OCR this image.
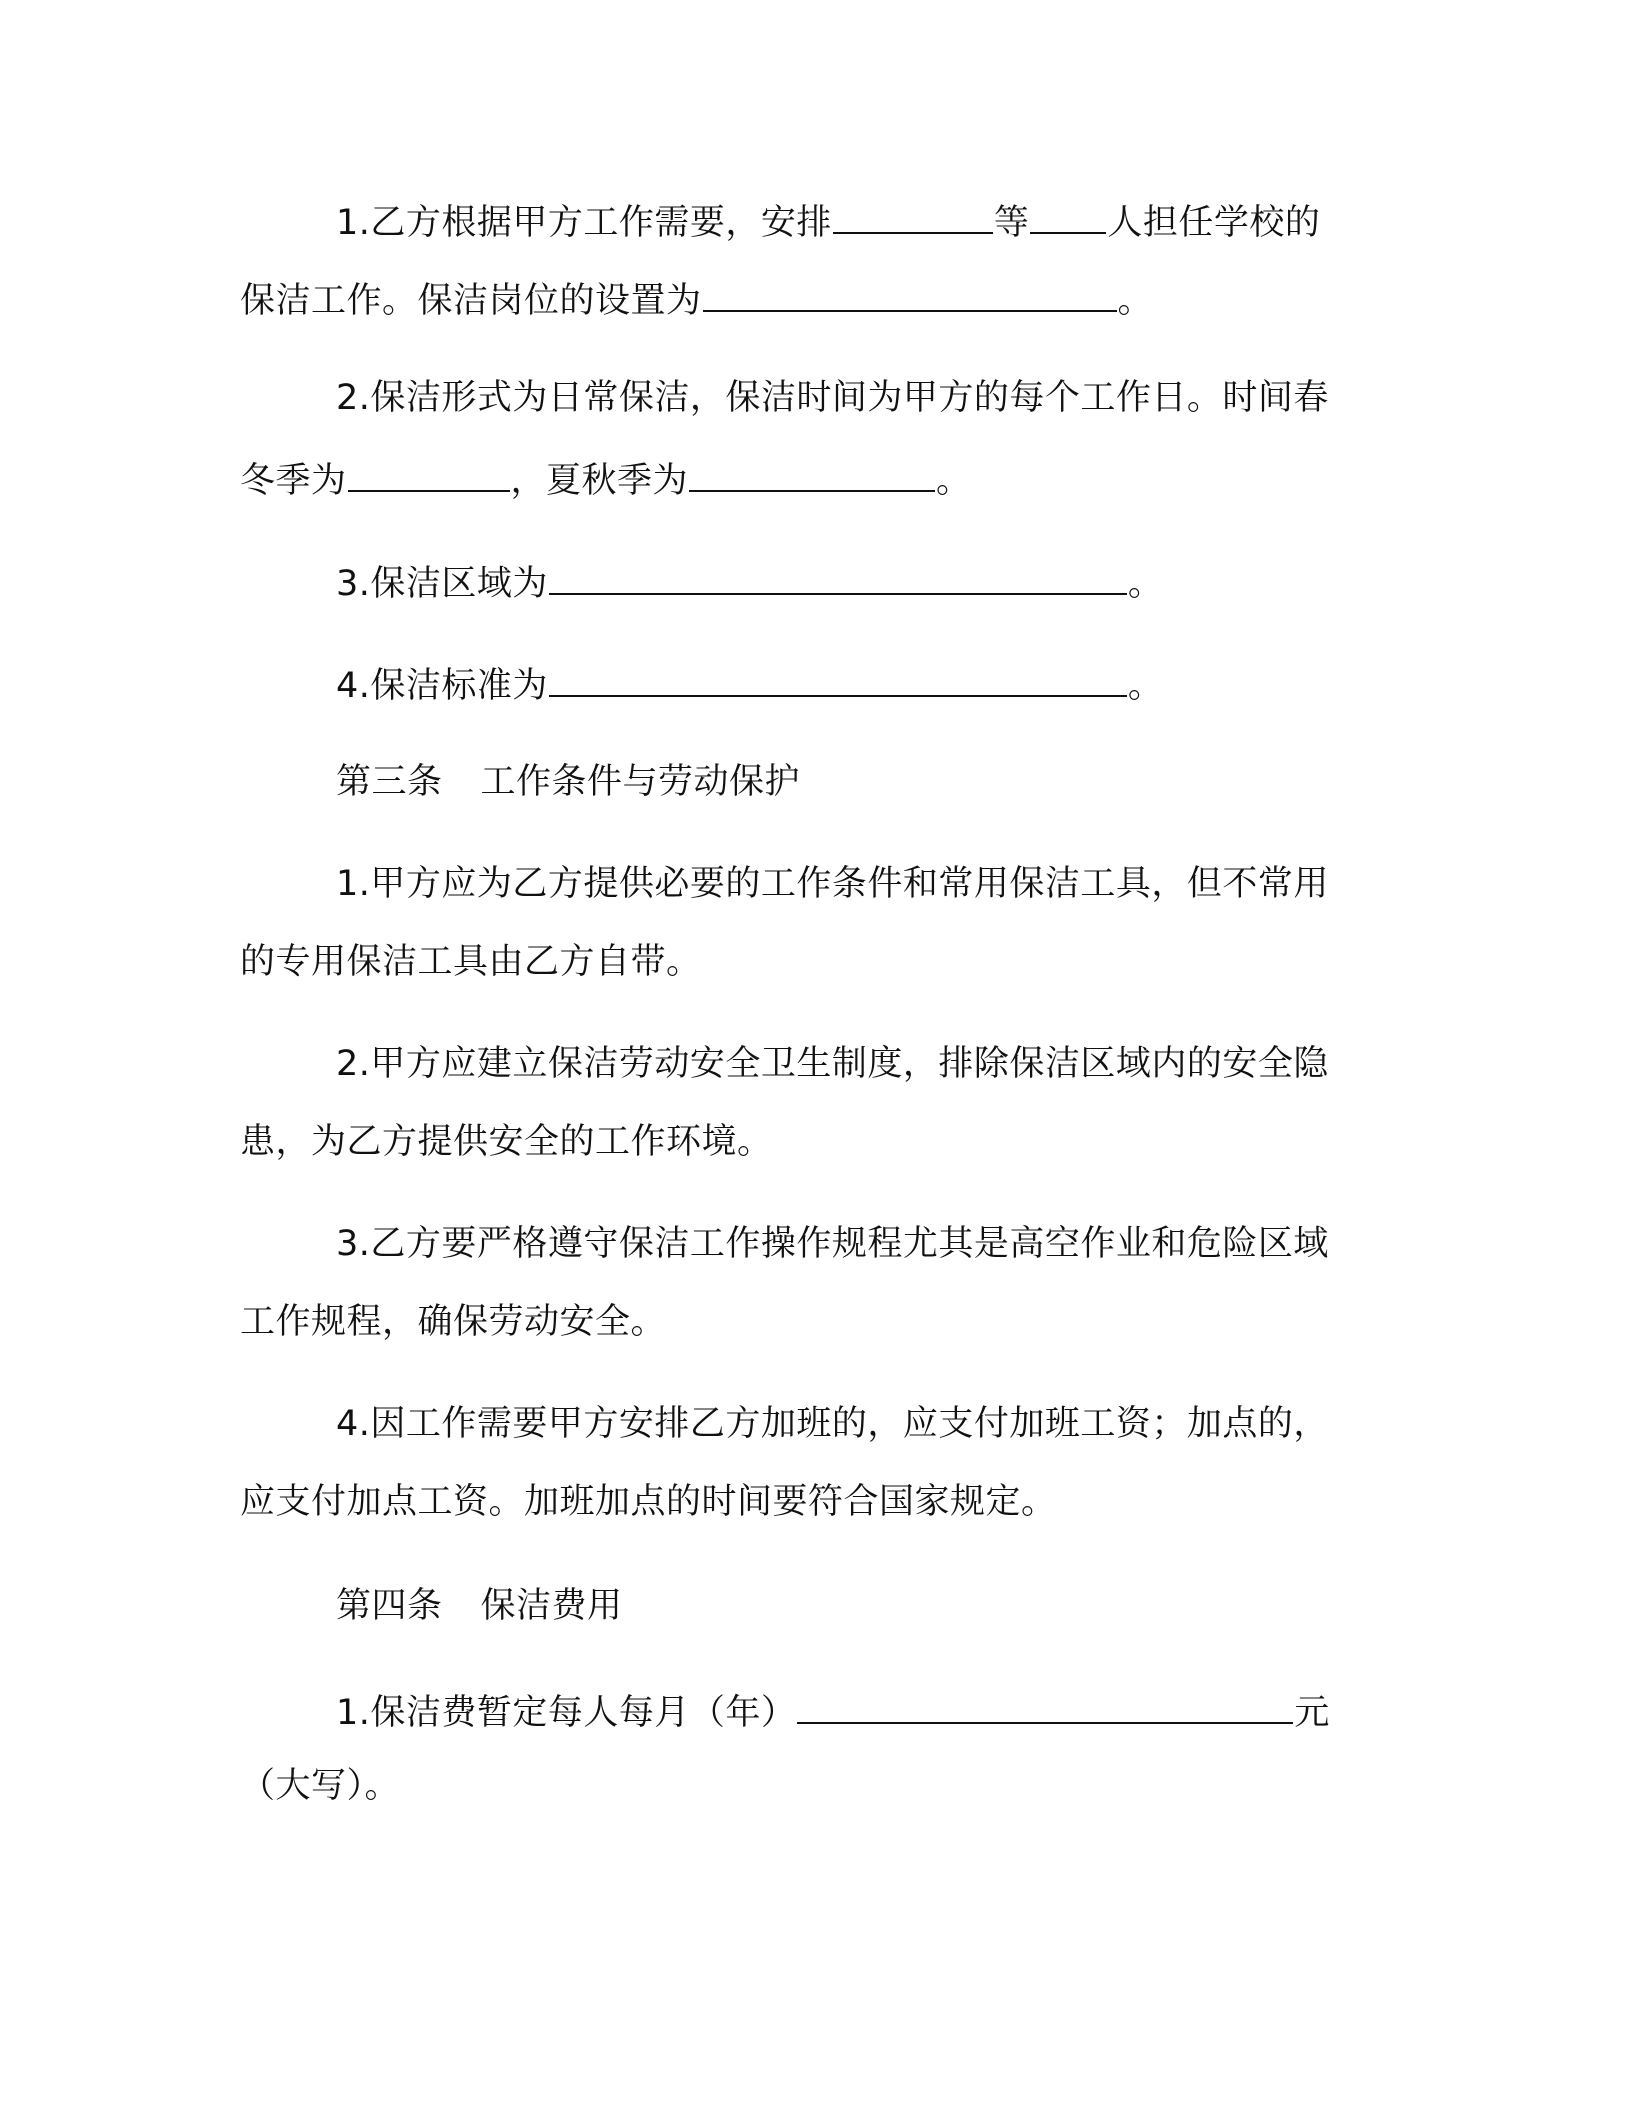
1.乙方根据甲方工作需要，安排	等 人担任学校的
保洁工作。保洁岗位的设置为	。
2.保洁形式为日常保洁，保洁时间为甲方的每个工作日。时间春
冬季为	，夏秋季为	。
3.保洁区域为	。
4.保洁标准为	。
第三条 工作条件与劳动保护
1.甲方应为乙方提供必要的工作条件和常用保洁工具，但不常用
的专用保洁工具由乙方自带。
2.甲方应建立保洁劳动安全卫生制度，排除保洁区域内的安全隐
患，为乙方提供安全的工作环境。
3.乙方要严格遵守保洁工作操作规程尤其是高空作业和危险区域
工作规程，确保劳动安全。
4.因工作需要甲方安排乙方加班的，应支付加班工资；加点的，
应支付加点工资。加班加点的时间要符合国家规定。
第四条 保洁费用
1.保洁费暂定每人每月（年）	元
（大写）。
